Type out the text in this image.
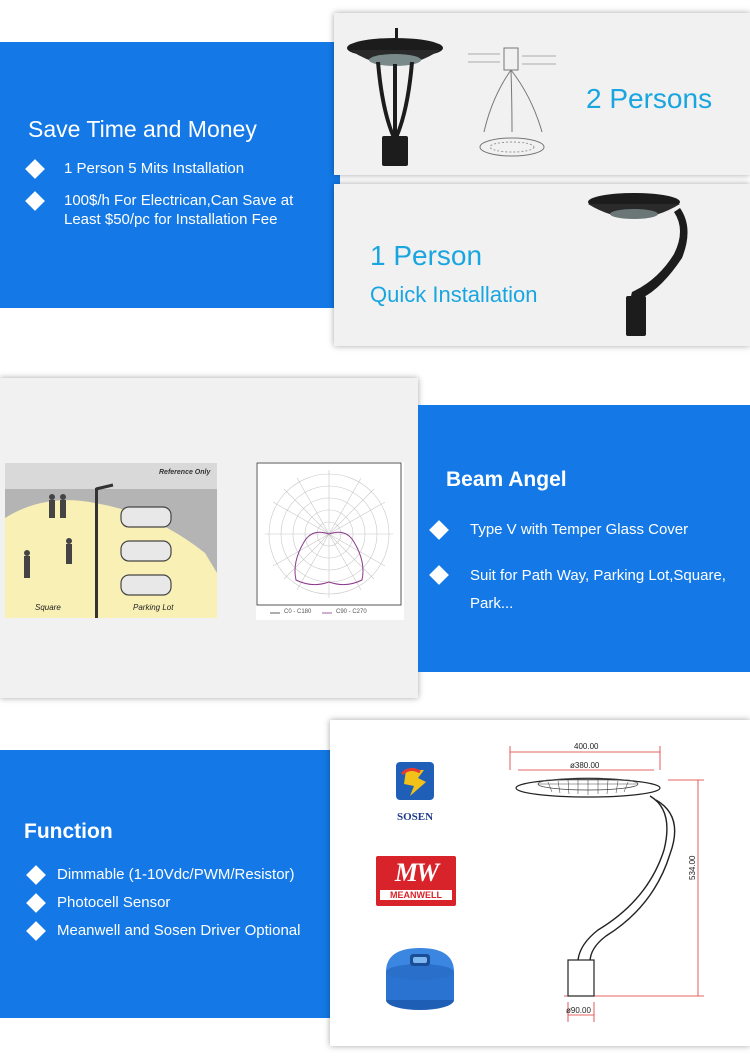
Save Time and Money
1 Person 5 Mits Installation
100$/h For Electrican,Can Save at Least $50/pc for Installation Fee
2 Persons
1 Person
Quick Installation
Reference Only
Square	Parking Lot	C0 - C180	C90 - C270
Beam Angel
Type V with Temper Glass Cover
Suit for Path Way, Parking Lot,Square, Park...
Function
Dimmable (1-10Vdc/PWM/Resistor)
Photocell Sensor
Meanwell and Sosen Driver Optional
SOSEN
MW
MEANWELL
400.00
ø380.00
534.00
ø90.00
